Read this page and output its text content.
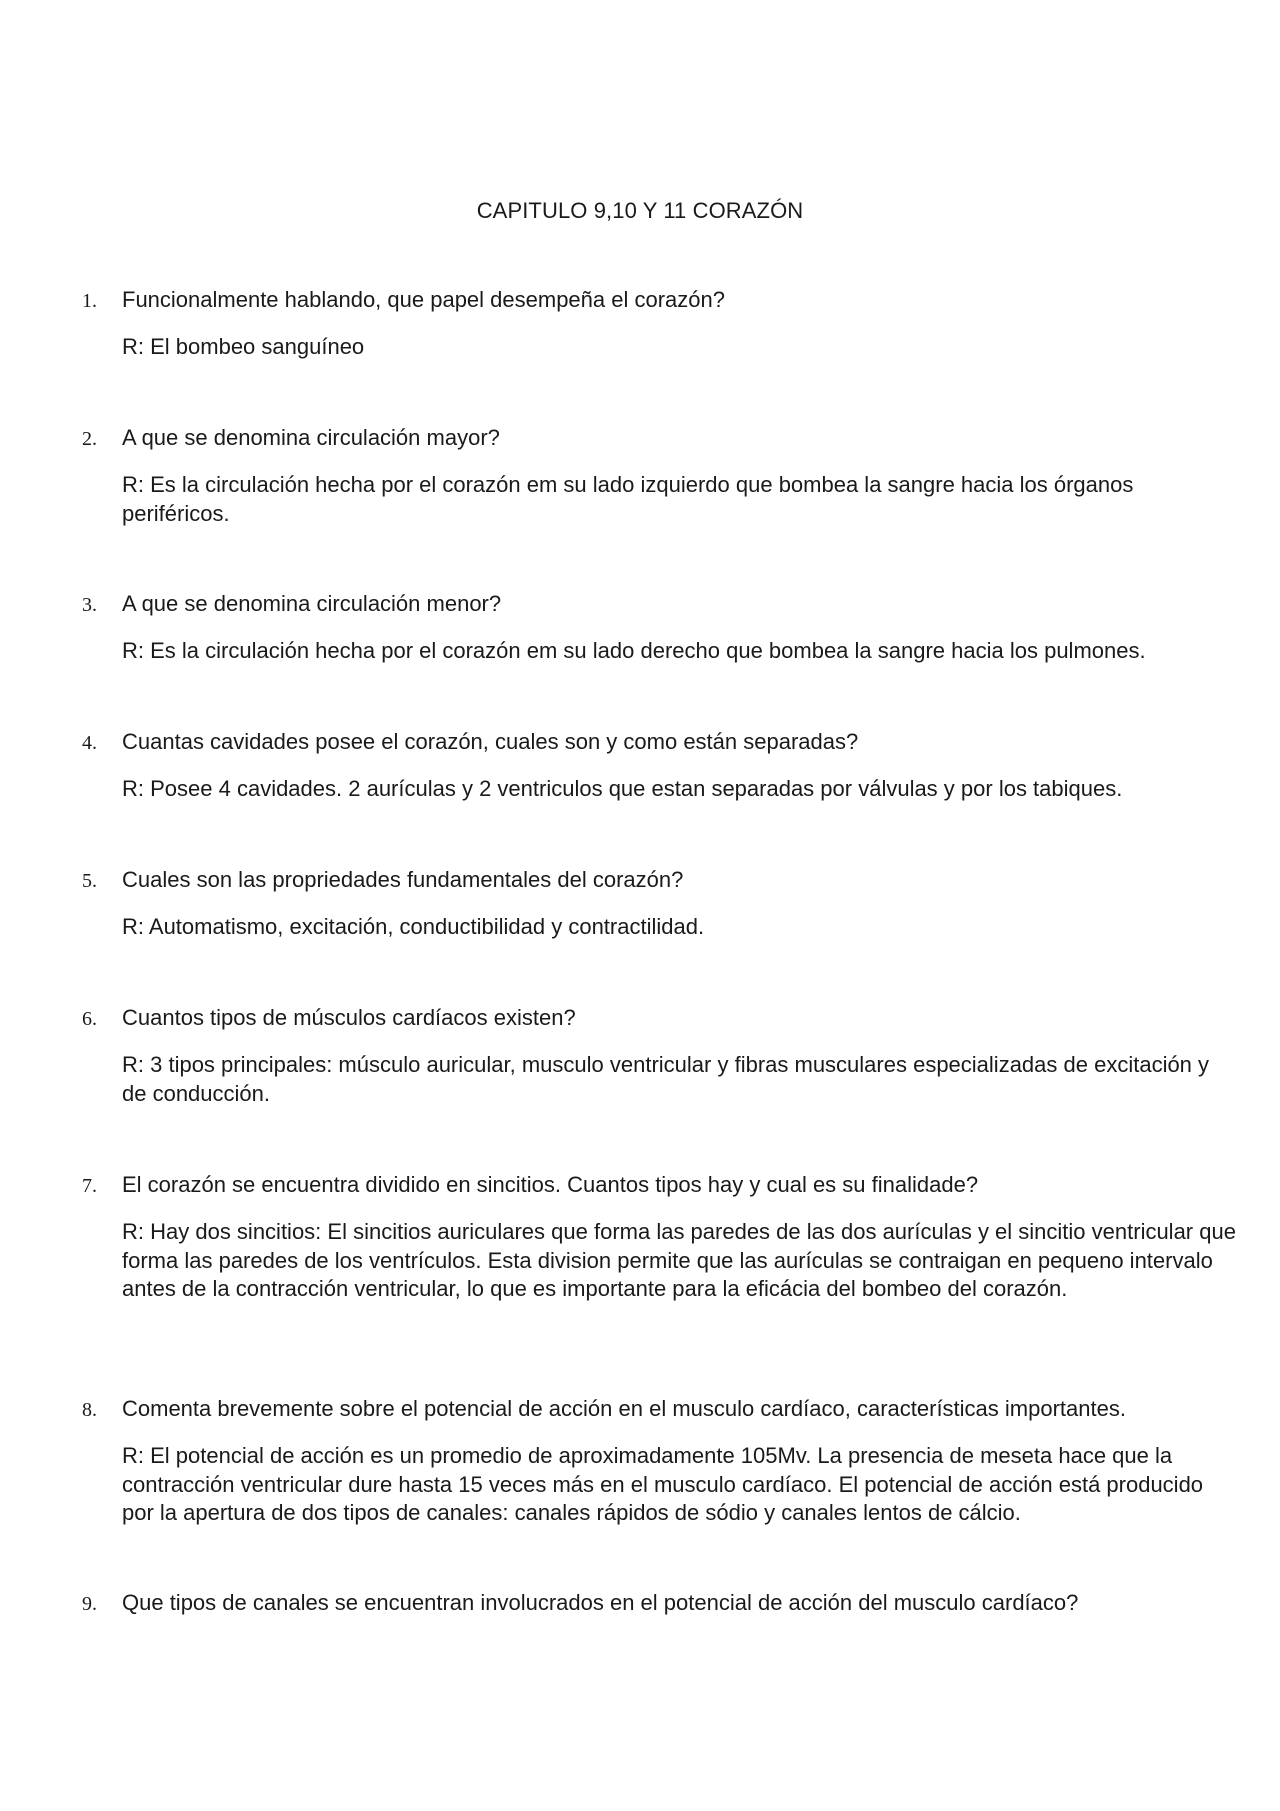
CAPITULO 9,10 Y 11 CORAZÓN
1.	Funcionalmente hablando, que papel desempeña el corazón?
R: El bombeo sanguíneo
2.	A que se denomina circulación mayor?
R: Es la circulación hecha por el corazón em su lado izquierdo que bombea la sangre hacia los órganos periféricos.
3.	A que se denomina circulación menor?
R: Es la circulación hecha por el corazón em su lado derecho que bombea la sangre hacia los pulmones.
4.	Cuantas cavidades posee el corazón, cuales son y como están separadas?
R: Posee 4 cavidades. 2 aurículas y 2 ventriculos que estan separadas por válvulas y por los tabiques.
5.	Cuales son las propriedades fundamentales del corazón?
R: Automatismo, excitación, conductibilidad y contractilidad.
6.	Cuantos tipos de músculos cardíacos existen?
R: 3 tipos principales: músculo auricular, musculo ventricular y fibras musculares especializadas de excitación y de conducción.
7.	El corazón se encuentra dividido en sincitios. Cuantos tipos hay y cual es su finalidade?
R: Hay dos sincitios: El sincitios auriculares que forma las paredes de las dos aurículas y el sincitio ventricular que forma las paredes de los ventrículos. Esta division permite que las aurículas se contraigan en pequeno intervalo antes de la contracción ventricular, lo que es importante para la eficácia del bombeo del corazón.
8.	Comenta brevemente sobre el potencial de acción en el musculo cardíaco, características importantes.
R: El potencial de acción es un promedio de aproximadamente 105Mv. La presencia de meseta hace que la contracción ventricular dure hasta 15 veces más en el musculo cardíaco. El potencial de acción está producido por la apertura de dos tipos de canales: canales rápidos de sódio y canales lentos de cálcio.
9.	Que tipos de canales se encuentran involucrados en el potencial de acción del musculo cardíaco?
